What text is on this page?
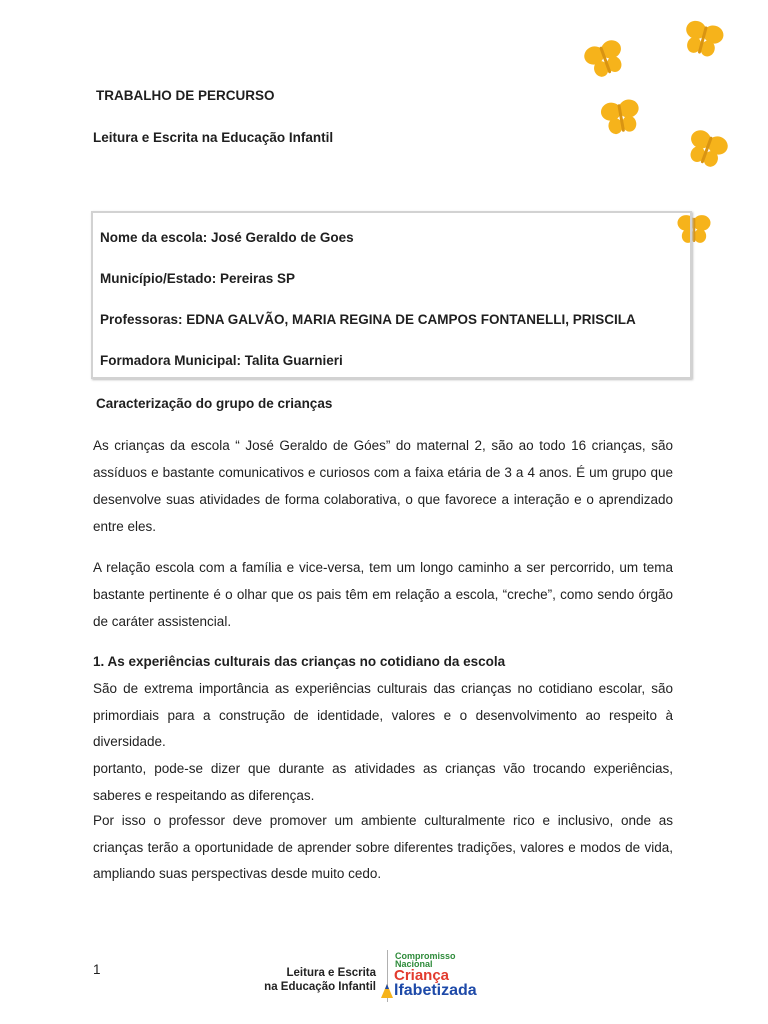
TRABALHO DE PERCURSO
Leitura e Escrita na Educação Infantil
Nome da escola: José Geraldo de Goes
Município/Estado: Pereiras SP
Professoras: EDNA GALVÃO, MARIA REGINA DE CAMPOS FONTANELLI, PRISCILA
Formadora Municipal: Talita Guarnieri
Caracterização do grupo de crianças
As crianças da escola “ José Geraldo de Góes” do maternal 2, são ao todo 16 crianças, são assíduos e bastante comunicativos e curiosos com a faixa etária de 3 a 4 anos. É um grupo que desenvolve suas atividades de forma colaborativa, o que favorece a interação e o aprendizado entre eles.
A relação escola com a família e vice-versa, tem um longo caminho a ser percorrido, um tema bastante pertinente é o olhar que os pais têm em relação a escola, “creche”, como sendo órgão de caráter assistencial.
1. As experiências culturais das crianças no cotidiano da escola
São de extrema importância as experiências culturais das crianças no cotidiano escolar, são primordiais para a construção de identidade, valores e o desenvolvimento ao respeito à diversidade.
portanto, pode-se dizer que durante as atividades as crianças vão trocando experiências, saberes e respeitando as diferenças.
Por isso o professor deve promover um ambiente culturalmente rico e inclusivo, onde as crianças terão a oportunidade de aprender sobre diferentes tradições, valores e modos de vida, ampliando suas perspectivas desde muito cedo.
1	Leitura e Escrita
na Educação Infantil
Compromisso
Nacional
Criança
lfabetizada
